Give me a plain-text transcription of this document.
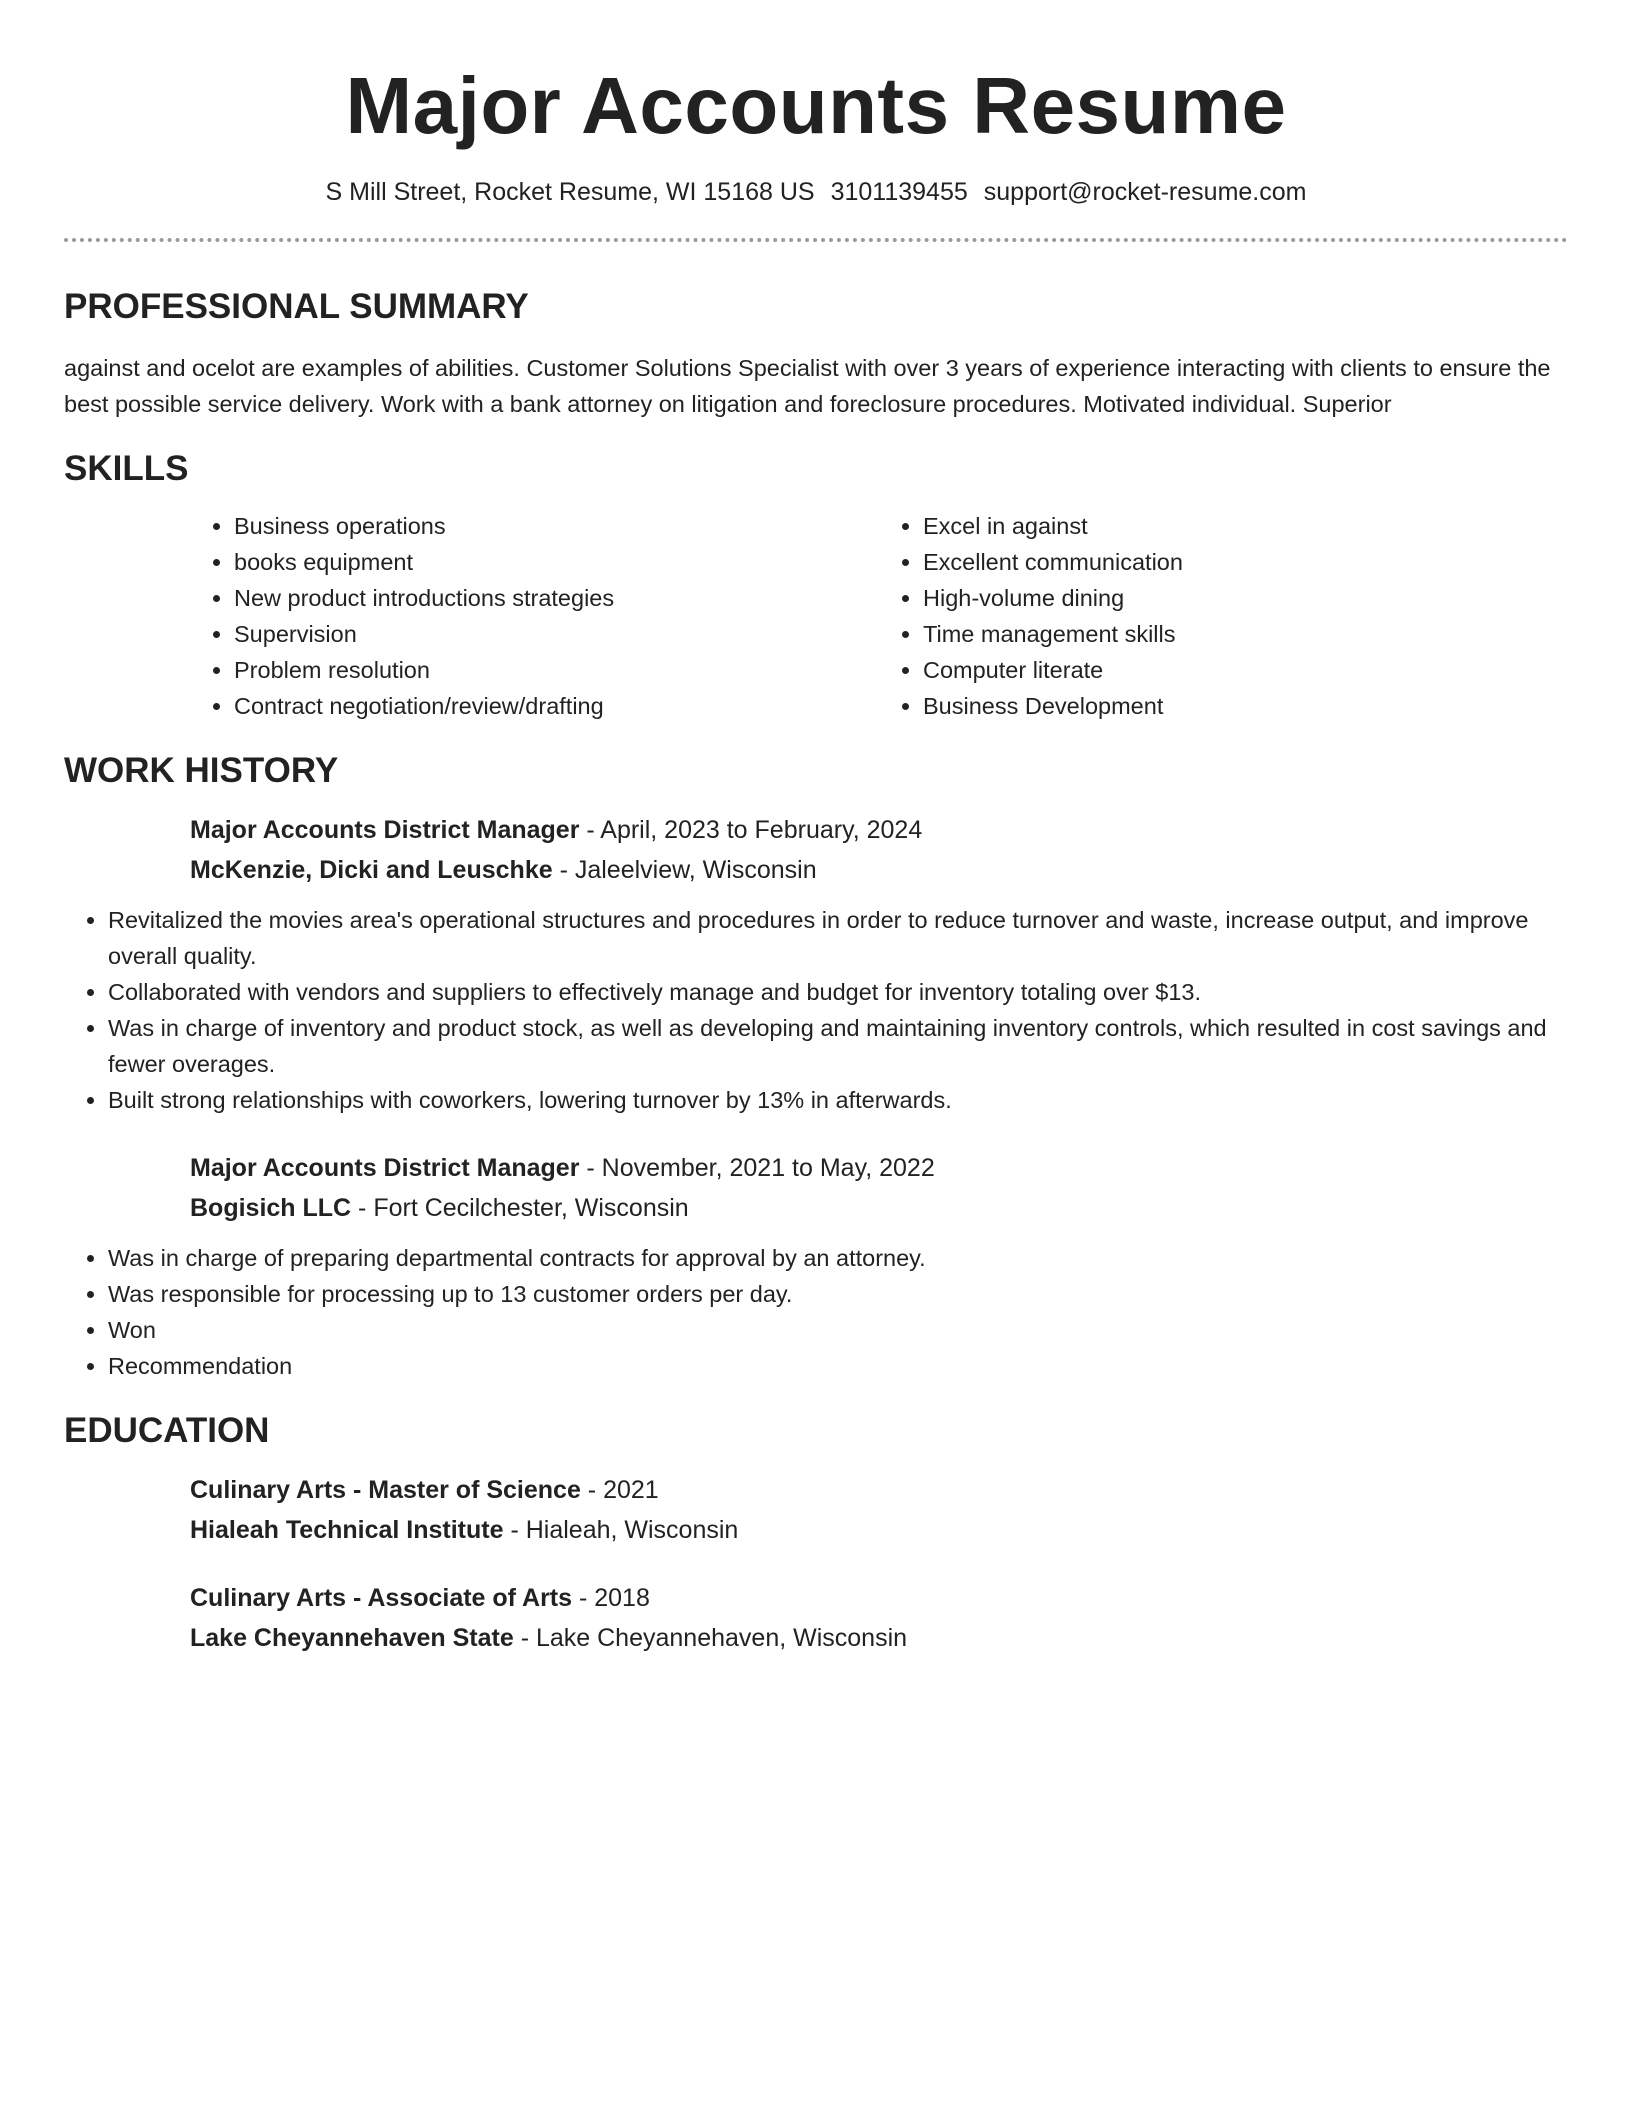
Major Accounts Resume
S Mill Street, Rocket Resume, WI 15168 US 3101139455 support@rocket-resume.com
PROFESSIONAL SUMMARY

against and ocelot are examples of abilities. Customer Solutions Specialist with over 3 years of experience interacting with clients to ensure the best possible service delivery. Work with a bank attorney on litigation and foreclosure procedures. Motivated individual. Superior

SKILLS
• Business operations
• books equipment
• New product introductions strategies
• Supervision
• Problem resolution
• Contract negotiation/review/drafting
• Excel in against
• Excellent communication
• High-volume dining
• Time management skills
• Computer literate
• Business Development
WORK HISTORY
Major Accounts District Manager - April, 2023 to February, 2024
McKenzie, Dicki and Leuschke - Jaleelview, Wisconsin
• Revitalized the movies area's operational structures and procedures in order to reduce turnover and waste, increase output, and improve overall quality.
• Collaborated with vendors and suppliers to effectively manage and budget for inventory totaling over $13.
• Was in charge of inventory and product stock, as well as developing and maintaining inventory controls, which resulted in cost savings and fewer overages.
• Built strong relationships with coworkers, lowering turnover by 13% in afterwards.
Major Accounts District Manager - November, 2021 to May, 2022
Bogisich LLC - Fort Cecilchester, Wisconsin
• Was in charge of preparing departmental contracts for approval by an attorney.
• Was responsible for processing up to 13 customer orders per day.
• Won
• Recommendation
EDUCATION
Culinary Arts - Master of Science - 2021
Hialeah Technical Institute - Hialeah, Wisconsin
Culinary Arts - Associate of Arts - 2018
Lake Cheyannehaven State - Lake Cheyannehaven, Wisconsin
